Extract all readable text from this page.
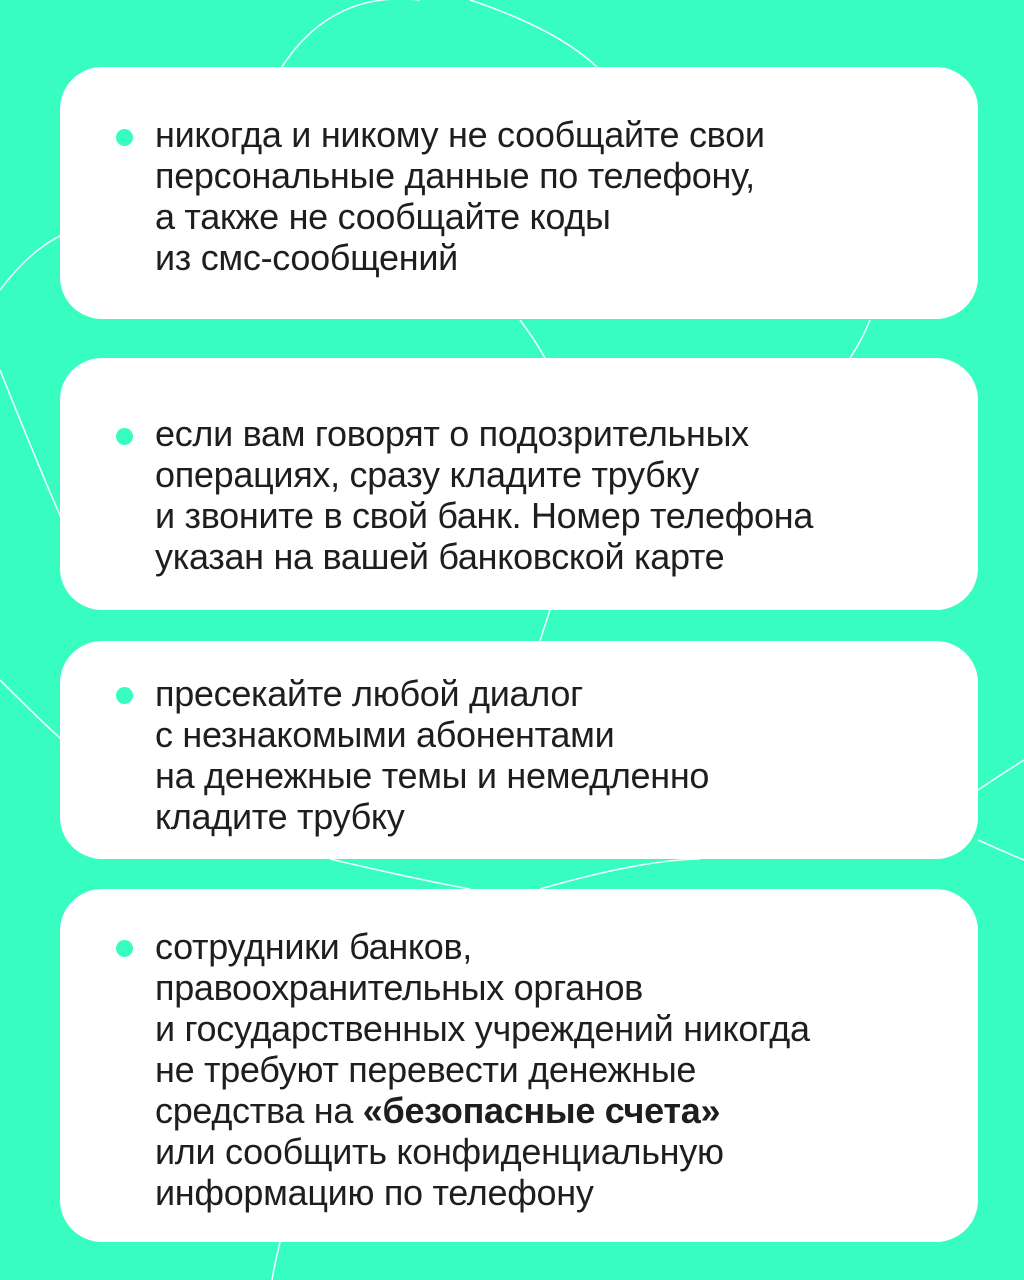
никогда и никому не сообщайте свои
персональные данные по телефону,
а также не сообщайте коды
из смс-сообщений
если вам говорят о подозрительных
операциях, сразу кладите трубку
и звоните в свой банк. Номер телефона
указан на вашей банковской карте
пресекайте любой диалог
с незнакомыми абонентами
на денежные темы и немедленно
кладите трубку
сотрудники банков,
правоохранительных органов
и государственных учреждений никогда
не требуют перевести денежные
средства на «безопасные счета»
или сообщить конфиденциальную
информацию по телефону
